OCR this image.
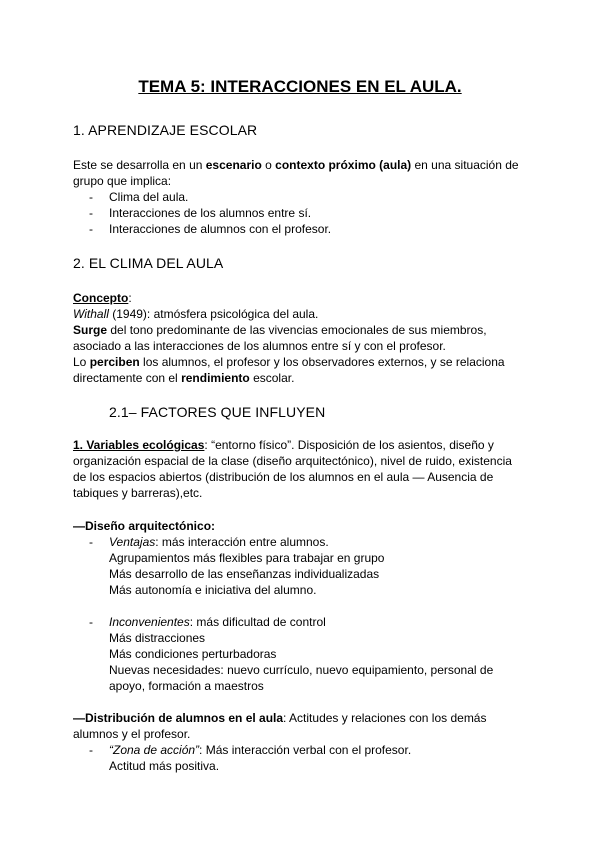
TEMA 5: INTERACCIONES EN EL AULA.
1. APRENDIZAJE ESCOLAR
Este se desarrolla en un escenario o contexto próximo (aula) en una situación de
grupo que implica:
- Clima del aula.
- Interacciones de los alumnos entre sí.
- Interacciones de alumnos con el profesor.
2. EL CLIMA DEL AULA
Concepto:
Withall (1949): atmósfera psicológica del aula.
Surge del tono predominante de las vivencias emocionales de sus miembros,
asociado a las interacciones de los alumnos entre sí y con el profesor.
Lo perciben los alumnos, el profesor y los observadores externos, y se relaciona
directamente con el rendimiento escolar.
2.1– FACTORES QUE INFLUYEN
1. Variables ecológicas: “entorno físico”. Disposición de los asientos, diseño y
organización espacial de la clase (diseño arquitectónico), nivel de ruido, existencia
de los espacios abiertos (distribución de los alumnos en el aula — Ausencia de
tabiques y barreras),etc.
—Diseño arquitectónico:
- Ventajas: más interacción entre alumnos.
Agrupamientos más flexibles para trabajar en grupo
Más desarrollo de las enseñanzas individualizadas
Más autonomía e iniciativa del alumno.
- Inconvenientes: más dificultad de control
Más distracciones
Más condiciones perturbadoras
Nuevas necesidades: nuevo currículo, nuevo equipamiento, personal de
apoyo, formación a maestros
—Distribución de alumnos en el aula: Actitudes y relaciones con los demás
alumnos y el profesor.
- “Zona de acción”: Más interacción verbal con el profesor.
Actitud más positiva.
